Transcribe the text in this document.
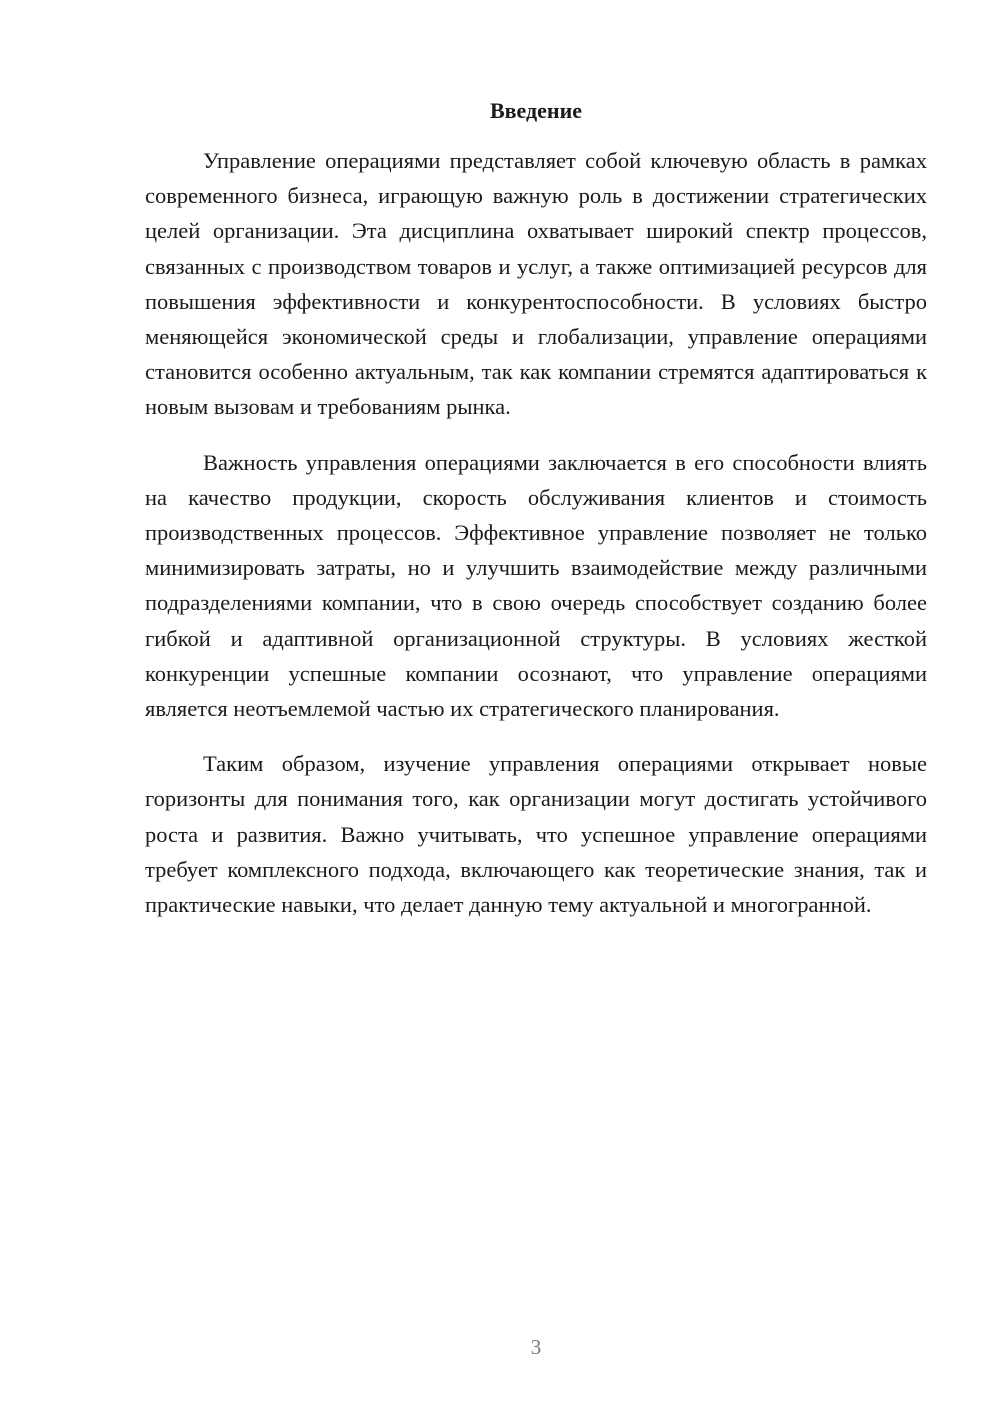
Введение

Управление операциями представляет собой ключевую область в рамках современного бизнеса, играющую важную роль в достижении стратегических целей организации. Эта дисциплина охватывает широкий спектр процессов, связанных с производством товаров и услуг, а также оптимизацией ресурсов для повышения эффективности и конкурентоспособности. В условиях быстро меняющейся экономической среды и глобализации, управление операциями становится особенно актуальным, так как компании стремятся адаптироваться к новым вызовам и требованиям рынка.

Важность управления операциями заключается в его способности влиять на качество продукции, скорость обслуживания клиентов и стоимость производственных процессов. Эффективное управление позволяет не только минимизировать затраты, но и улучшить взаимодействие между различными подразделениями компании, что в свою очередь способствует созданию более гибкой и адаптивной организационной структуры. В условиях жесткой конкуренции успешные компании осознают, что управление операциями является неотъемлемой частью их стратегического планирования.

Таким образом, изучение управления операциями открывает новые горизонты для понимания того, как организации могут достигать устойчивого роста и развития. Важно учитывать, что успешное управление операциями требует комплексного подхода, включающего как теоретические знания, так и практические навыки, что делает данную тему актуальной и многогранной.

3
